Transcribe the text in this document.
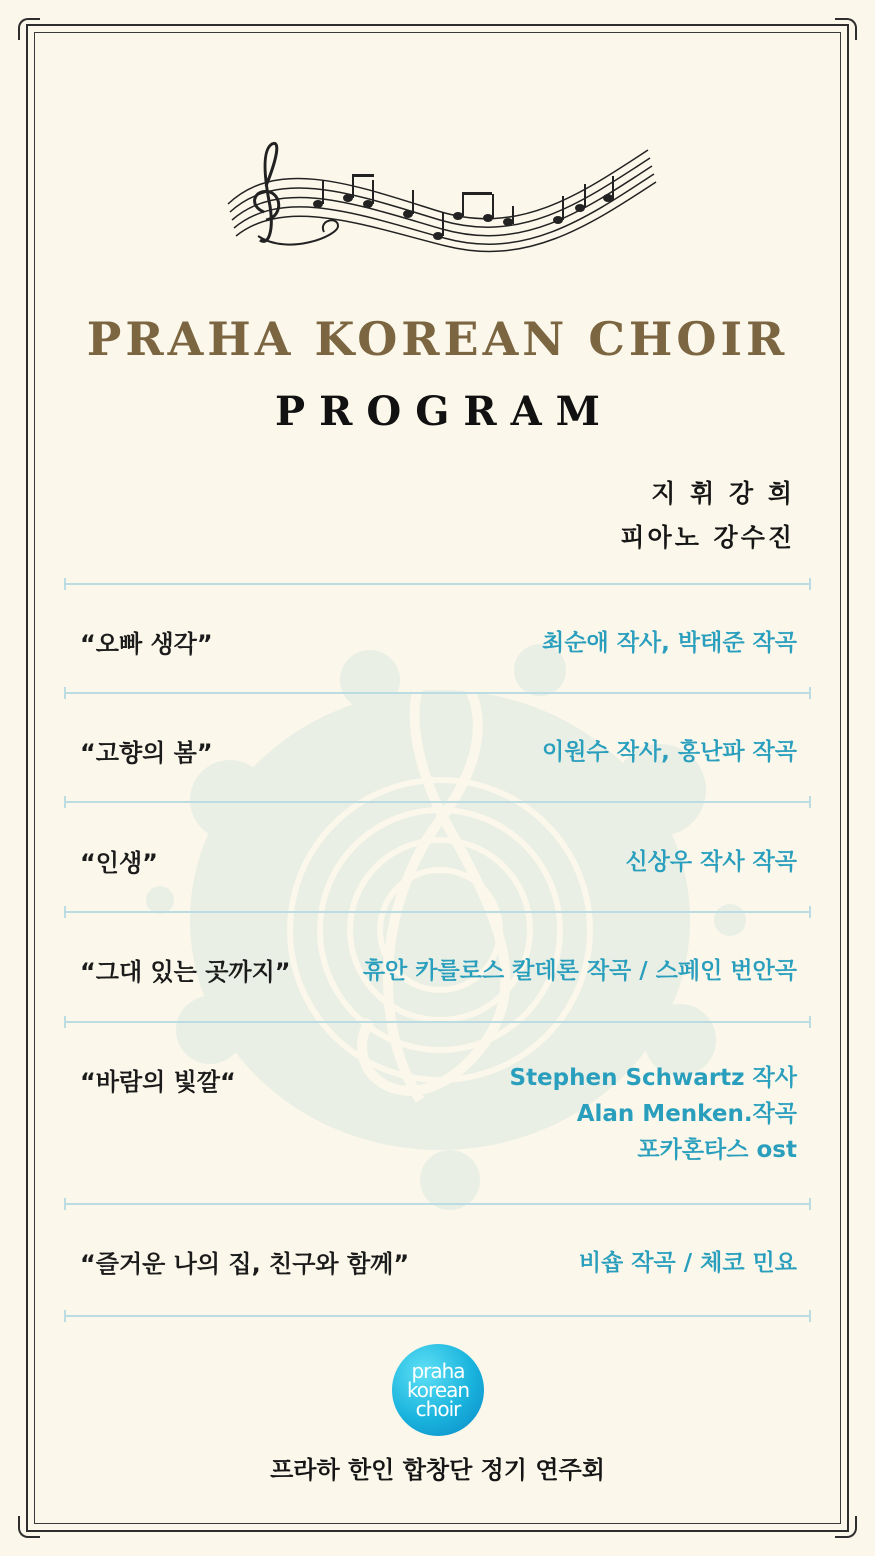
PRAHA KOREAN CHOIR
PROGRAM
지 휘 강 희
피아노 강수진
“오빠 생각”	최순애 작사, 박태준 작곡
“고향의 봄”	이원수 작사, 홍난파 작곡
“인생”	신상우 작사 작곡
“그대 있는 곳까지”	휴안 카를로스 칼데론 작곡 / 스페인 번안곡
“바람의 빛깔“	Stephen Schwartz 작사
Alan Menken.작곡
포카혼타스 ost
“즐거운 나의 집, 친구와 함께”	비숍 작곡 / 체코 민요
praha
korean
choir
프라하 한인 합창단 정기 연주회
